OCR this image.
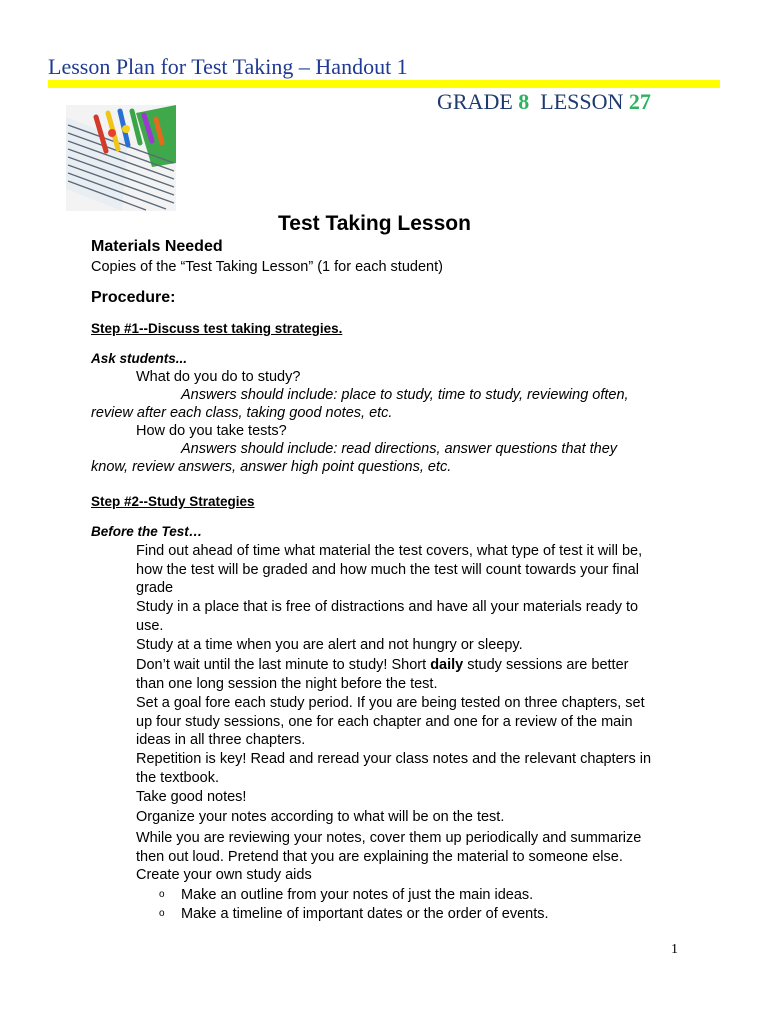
Lesson Plan for Test Taking – Handout 1
GRADE 8 LESSON 27
Test Taking Lesson
Materials Needed
Copies of the “Test Taking Lesson” (1 for each student)
Procedure:
Step #1--Discuss test taking strategies.
Ask students...
What do you do to study?
Answers should include: place to study, time to study, reviewing often,
review after each class, taking good notes, etc.
How do you take tests?
Answers should include: read directions, answer questions that they
know, review answers, answer high point questions, etc.
Step #2--Study Strategies
Before the Test…
Find out ahead of time what material the test covers, what type of test it will be,
how the test will be graded and how much the test will count towards your final
grade
Study in a place that is free of distractions and have all your materials ready to
use.
Study at a time when you are alert and not hungry or sleepy.
Don’t wait until the last minute to study! Short daily study sessions are better
than one long session the night before the test.
Set a goal fore each study period. If you are being tested on three chapters, set
up four study sessions, one for each chapter and one for a review of the main
ideas in all three chapters.
Repetition is key! Read and reread your class notes and the relevant chapters in
the textbook.
Take good notes!
Organize your notes according to what will be on the test.
While you are reviewing your notes, cover them up periodically and summarize
then out loud. Pretend that you are explaining the material to someone else.
Create your own study aids
o Make an outline from your notes of just the main ideas.
o Make a timeline of important dates or the order of events.
1
